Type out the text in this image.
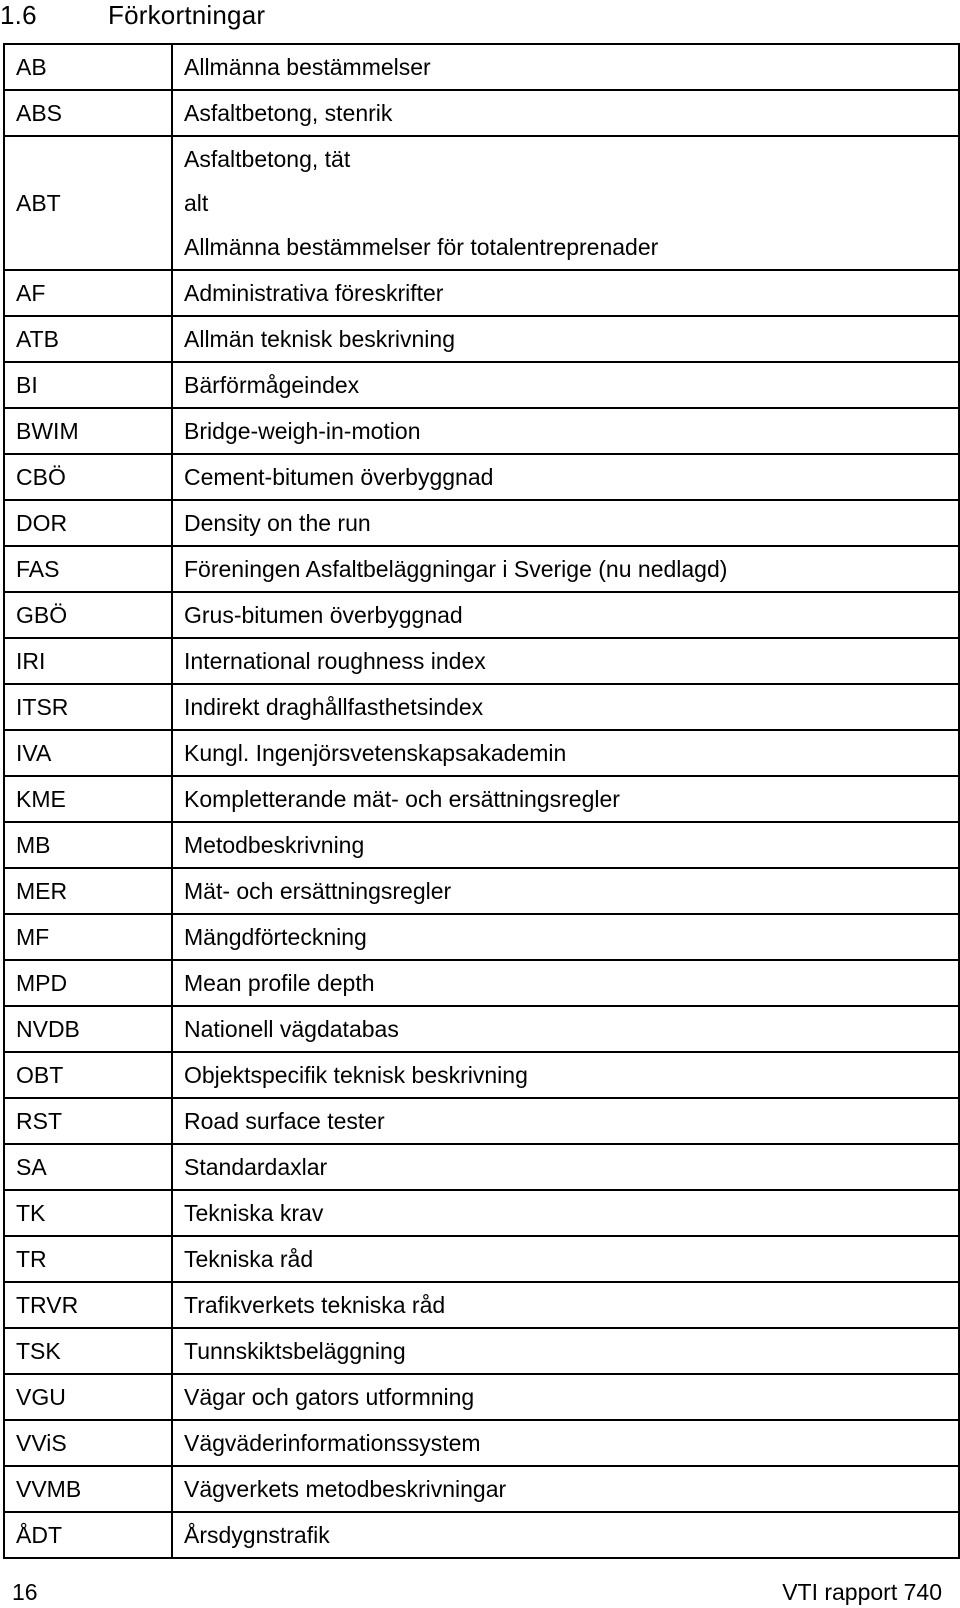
1.6	Förkortningar
AB	Allmänna bestämmelser

ABS	Asfaltbetong, stenrik

ABT	Asfaltbetong, tät
alt
Allmänna bestämmelser för totalentreprenader

AF	Administrativa föreskrifter

ATB	Allmän teknisk beskrivning

BI	Bärförmågeindex

BWIM	Bridge-weigh-in-motion

CBÖ	Cement-bitumen överbyggnad

DOR	Density on the run

FAS	Föreningen Asfaltbeläggningar i Sverige (nu nedlagd)

GBÖ	Grus-bitumen överbyggnad

IRI	International roughness index

ITSR	Indirekt draghållfasthetsindex

IVA	Kungl. Ingenjörsvetenskapsakademin

KME	Kompletterande mät- och ersättningsregler

MB	Metodbeskrivning

MER	Mät- och ersättningsregler

MF	Mängdförteckning

MPD	Mean profile depth

NVDB	Nationell vägdatabas

OBT	Objektspecifik teknisk beskrivning

RST	Road surface tester

SA	Standardaxlar

TK	Tekniska krav

TR	Tekniska råd

TRVR	Trafikverkets tekniska råd

TSK	Tunnskiktsbeläggning

VGU	Vägar och gators utformning

VViS	Vägväderinformationssystem

VVMB	Vägverkets metodbeskrivningar

ÅDT	Årsdygnstrafik
16	VTI rapport 740
